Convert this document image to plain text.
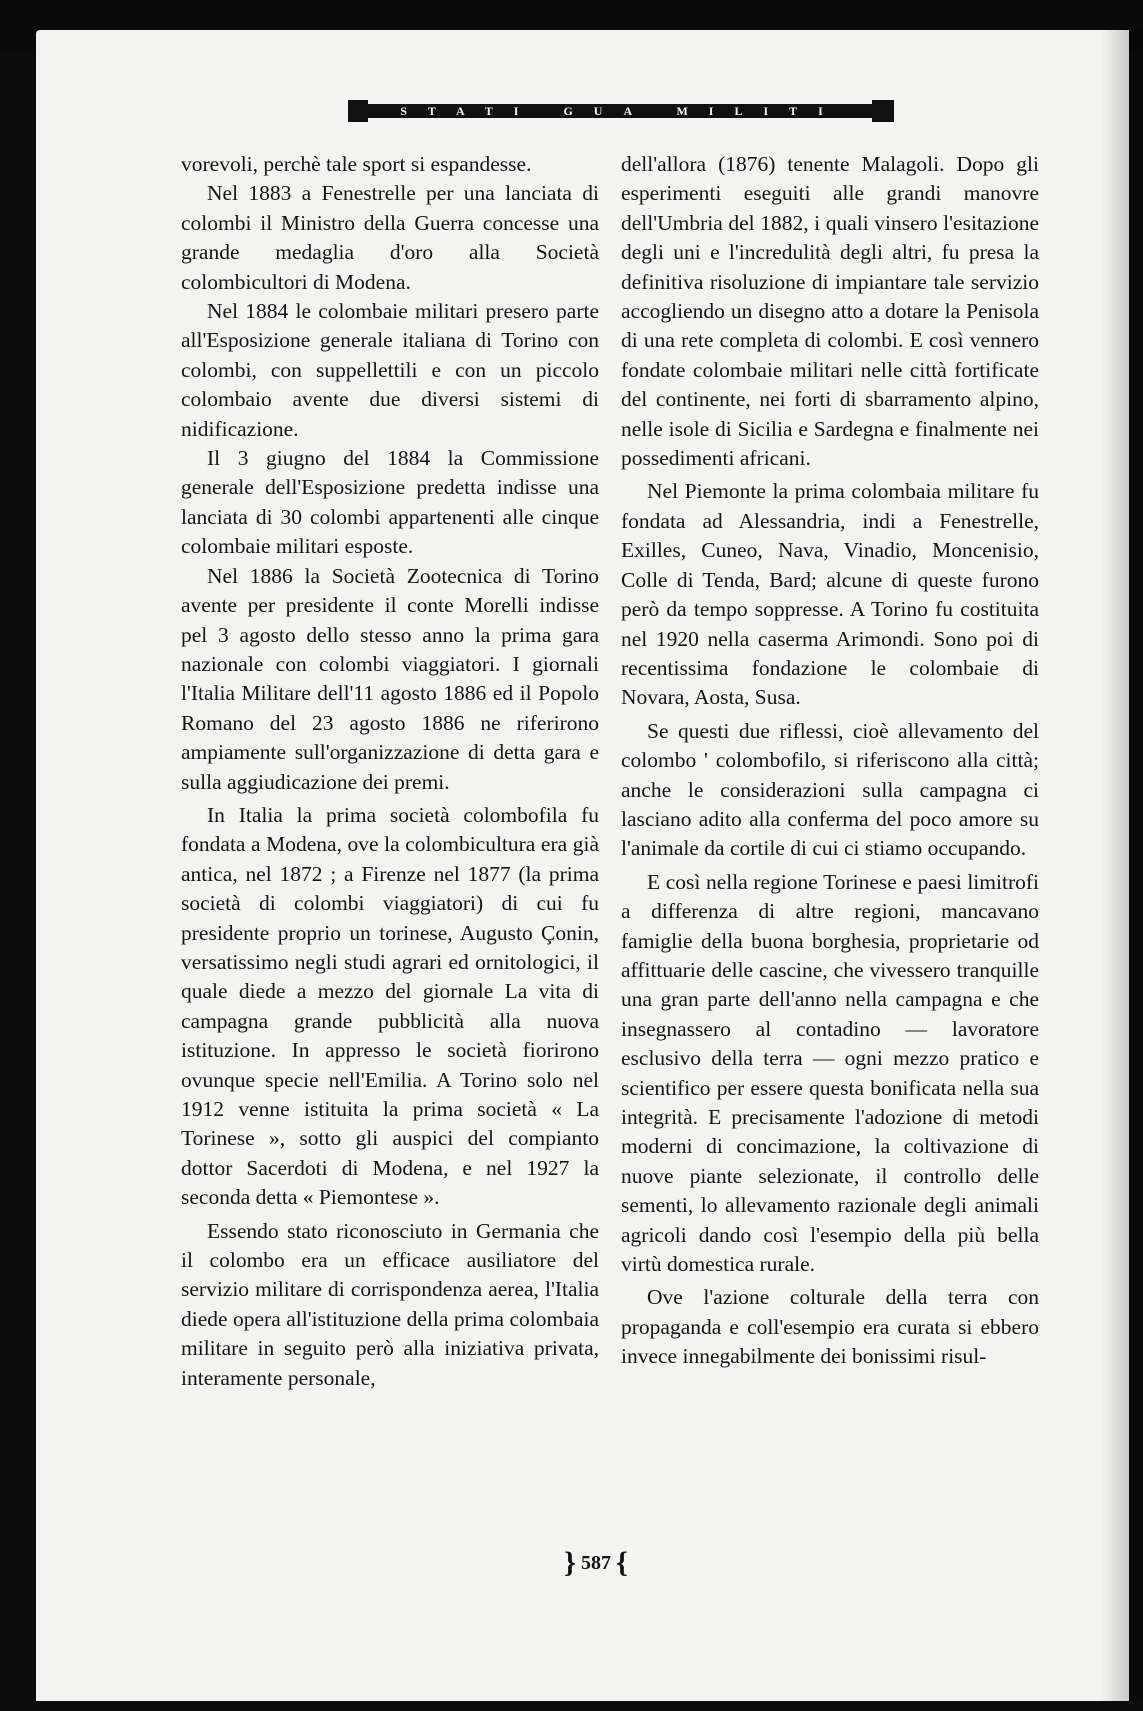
STATI GUA MILITI

vorevoli, perchè tale sport si espandesse.

Nel 1883 a Fenestrelle per una lanciata di colombi il Ministro della Guerra concesse una grande medaglia d'oro alla Società colombicultori di Modena.

Nel 1884 le colombaie militari presero parte all'Esposizione generale italiana di Torino con colombi, con suppellettili e con un piccolo colombaio avente due diversi sistemi di nidificazione.

Il 3 giugno del 1884 la Commissione generale dell'Esposizione predetta indisse una lanciata di 30 colombi appartenenti alle cinque colombaie militari esposte.

Nel 1886 la Società Zootecnica di Torino avente per presidente il conte Morelli indisse pel 3 agosto dello stesso anno la prima gara nazionale con colombi viaggiatori. I giornali l'Italia Militare dell'11 agosto 1886 ed il Popolo Romano del 23 agosto 1886 ne riferirono ampiamente sull'organizzazione di detta gara e sulla aggiudicazione dei premi.

In Italia la prima società colombofila fu fondata a Modena, ove la colombicultura era già antica, nel 1872 ; a Firenze nel 1877 (la prima società di colombi viaggiatori) di cui fu presidente proprio un torinese, Augusto Çonin, versatissimo negli studi agrari ed ornitologici, il quale diede a mezzo del giornale La vita di campagna grande pubblicità alla nuova istituzione. In appresso le società fiorirono ovunque specie nell'Emilia. A Torino solo nel 1912 venne istituita la prima società « La Torinese », sotto gli auspici del compianto dottor Sacerdoti di Modena, e nel 1927 la seconda detta « Piemontese ».

Essendo stato riconosciuto in Germania che il colombo era un efficace ausiliatore del servizio militare di corrispondenza aerea, l'Italia diede opera all'istituzione della prima colombaia militare in seguito però alla iniziativa privata, interamente personale,

dell'allora (1876) tenente Malagoli. Dopo gli esperimenti eseguiti alle grandi manovre dell'Umbria del 1882, i quali vinsero l'esitazione degli uni e l'incredulità degli altri, fu presa la definitiva risoluzione di impiantare tale servizio accogliendo un disegno atto a dotare la Penisola di una rete completa di colombi. E così vennero fondate colombaie militari nelle città fortificate del continente, nei forti di sbarramento alpino, nelle isole di Sicilia e Sardegna e finalmente nei possedimenti africani.

Nel Piemonte la prima colombaia militare fu fondata ad Alessandria, indi a Fenestrelle, Exilles, Cuneo, Nava, Vinadio, Moncenisio, Colle di Tenda, Bard; alcune di queste furono però da tempo soppresse. A Torino fu costituita nel 1920 nella caserma Arimondi. Sono poi di recentissima fondazione le colombaie di Novara, Aosta, Susa.

Se questi due riflessi, cioè allevamento del colombo ' colombofilo, si riferiscono alla città; anche le considerazioni sulla campagna ci lasciano adito alla conferma del poco amore su l'animale da cortile di cui ci stiamo occupando.

E così nella regione Torinese e paesi limitrofi a differenza di altre regioni, mancavano famiglie della buona borghesia, proprietarie od affittuarie delle cascine, che vivessero tranquille una gran parte dell'anno nella campagna e che insegnassero al contadino — lavoratore esclusivo della terra — ogni mezzo pratico e scientifico per essere questa bonificata nella sua integrità. E precisamente l'adozione di metodi moderni di concimazione, la coltivazione di nuove piante selezionate, il controllo delle sementi, lo allevamento razionale degli animali agricoli dando così l'esempio della più bella virtù domestica rurale.

Ove l'azione colturale della terra con propaganda e coll'esempio era curata si ebbero invece innegabilmente dei bonissimi risul-

} 587 {
